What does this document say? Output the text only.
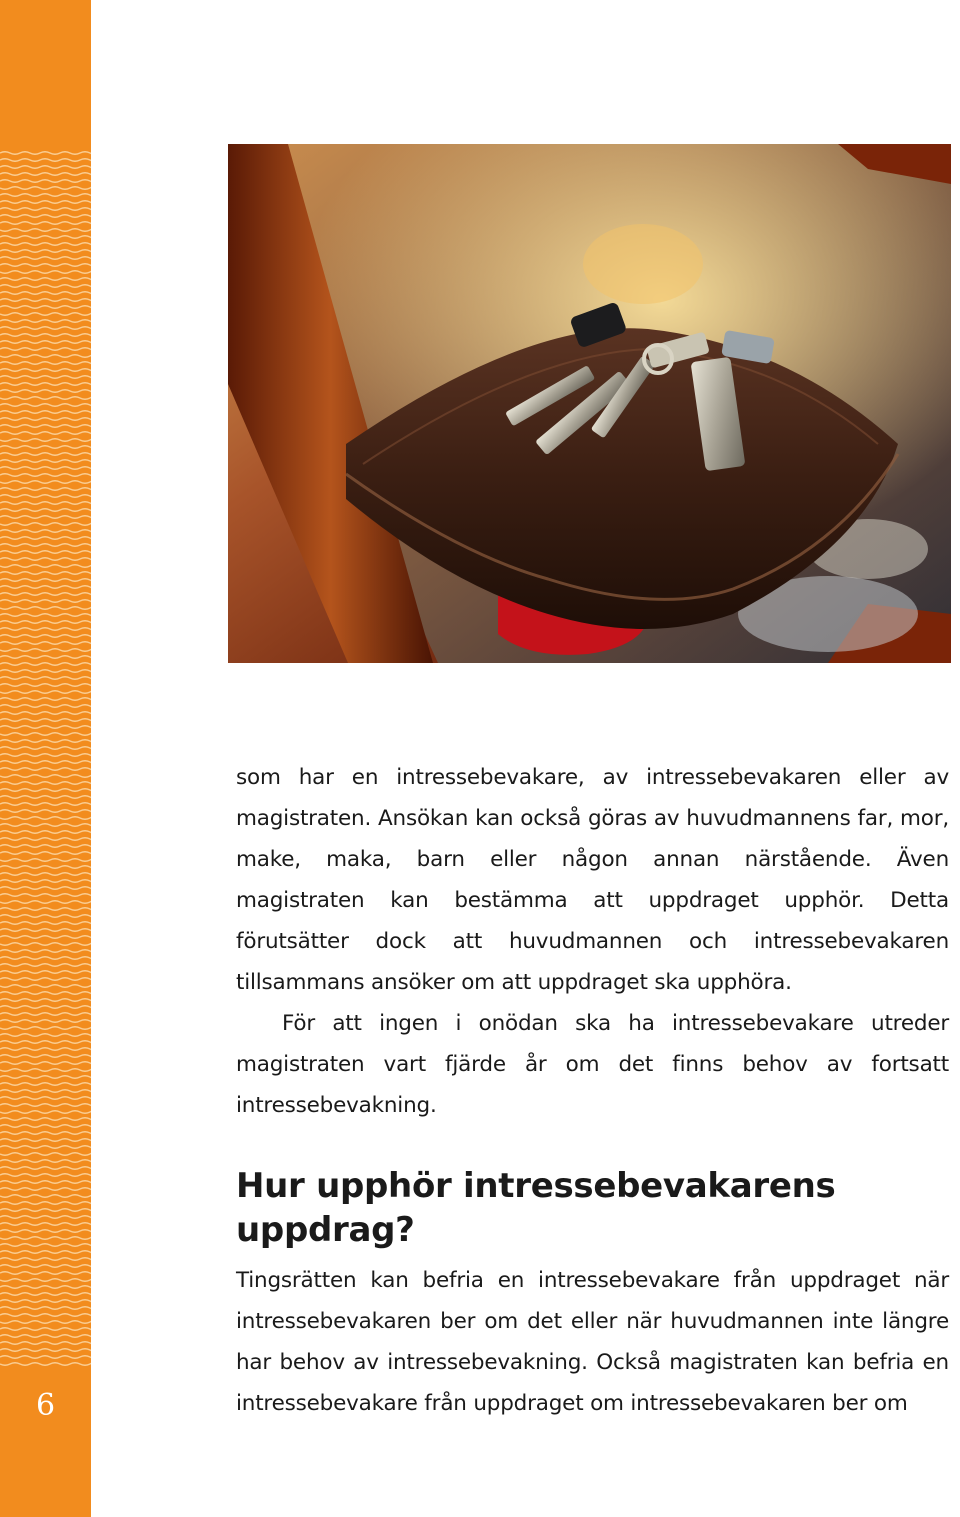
6

som har en intressebevakare, av intressebevakaren eller av magistraten. Ansökan kan också göras av huvudmannens far, mor, make, maka, barn eller någon annan närstående. Även magistraten kan bestämma att uppdraget upphör. Detta förutsätter dock att huvudmannen och intressebevakaren tillsammans ansöker om att uppdraget ska upphöra.

För att ingen i onödan ska ha intressebevakare utreder magistraten vart fjärde år om det finns behov av fortsatt intressebevakning.

Hur upphör intressebevakarens uppdrag?

Tingsrätten kan befria en intressebevakare från uppdraget när intressebevakaren ber om det eller när huvudmannen inte längre har behov av intressebevakning. Också magistraten kan befria en intressebevakare från uppdraget om intressebevakaren ber om
